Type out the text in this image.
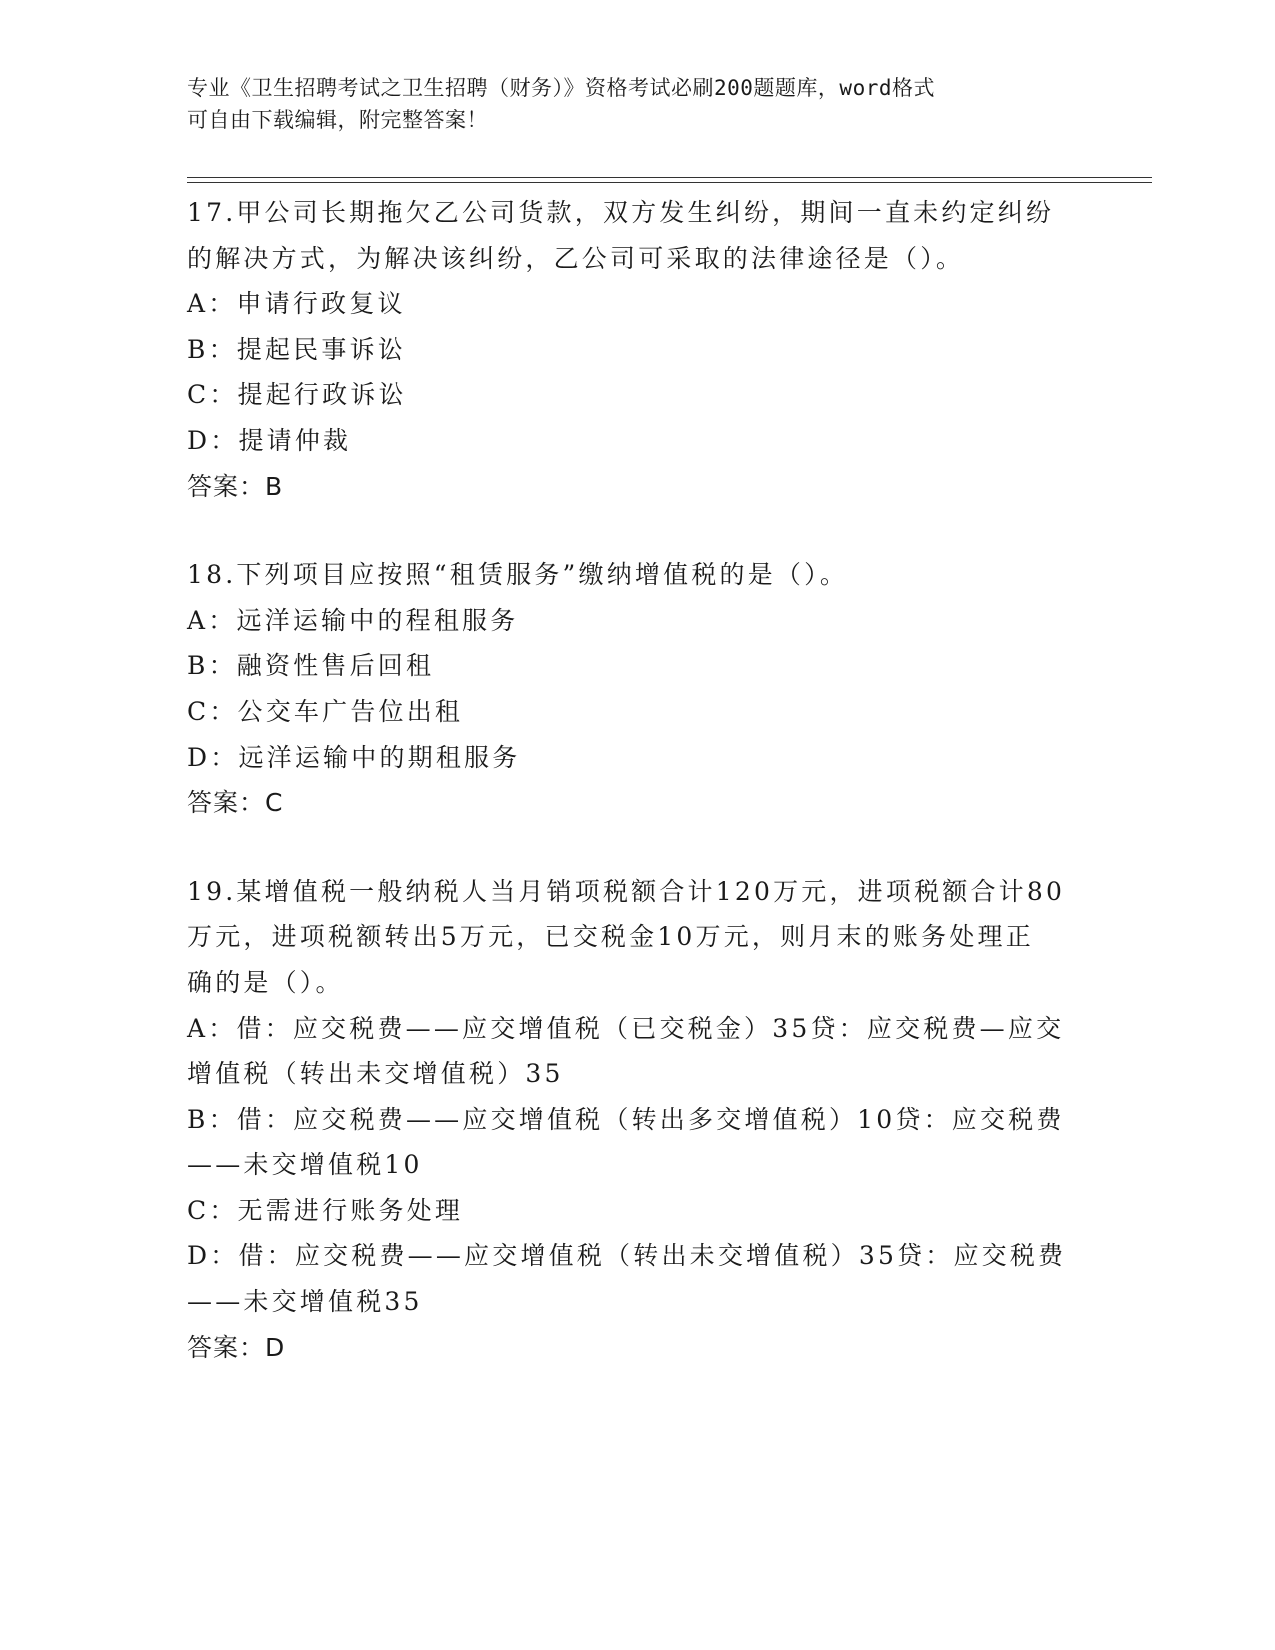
专业《卫生招聘考试之卫生招聘（财务）》资格考试必刷200题题库，word格式
可自由下载编辑，附完整答案！
17.甲公司长期拖欠乙公司货款，双方发生纠纷，期间一直未约定纠纷
的解决方式，为解决该纠纷，乙公司可采取的法律途径是（）。
A：申请行政复议
B：提起民事诉讼
C：提起行政诉讼
D：提请仲裁
答案：B
18.下列项目应按照“租赁服务”缴纳增值税的是（）。
A：远洋运输中的程租服务
B：融资性售后回租
C：公交车广告位出租
D：远洋运输中的期租服务
答案：C
19.某增值税一般纳税人当月销项税额合计120万元，进项税额合计80
万元，进项税额转出5万元，已交税金10万元，则月末的账务处理正
确的是（）。
A：借：应交税费——应交增值税（已交税金）35贷：应交税费—应交
增值税（转出未交增值税）35
B：借：应交税费——应交增值税（转出多交增值税）10贷：应交税费
——未交增值税10
C：无需进行账务处理
D：借：应交税费——应交增值税（转出未交增值税）35贷：应交税费
——未交增值税35
答案：D
